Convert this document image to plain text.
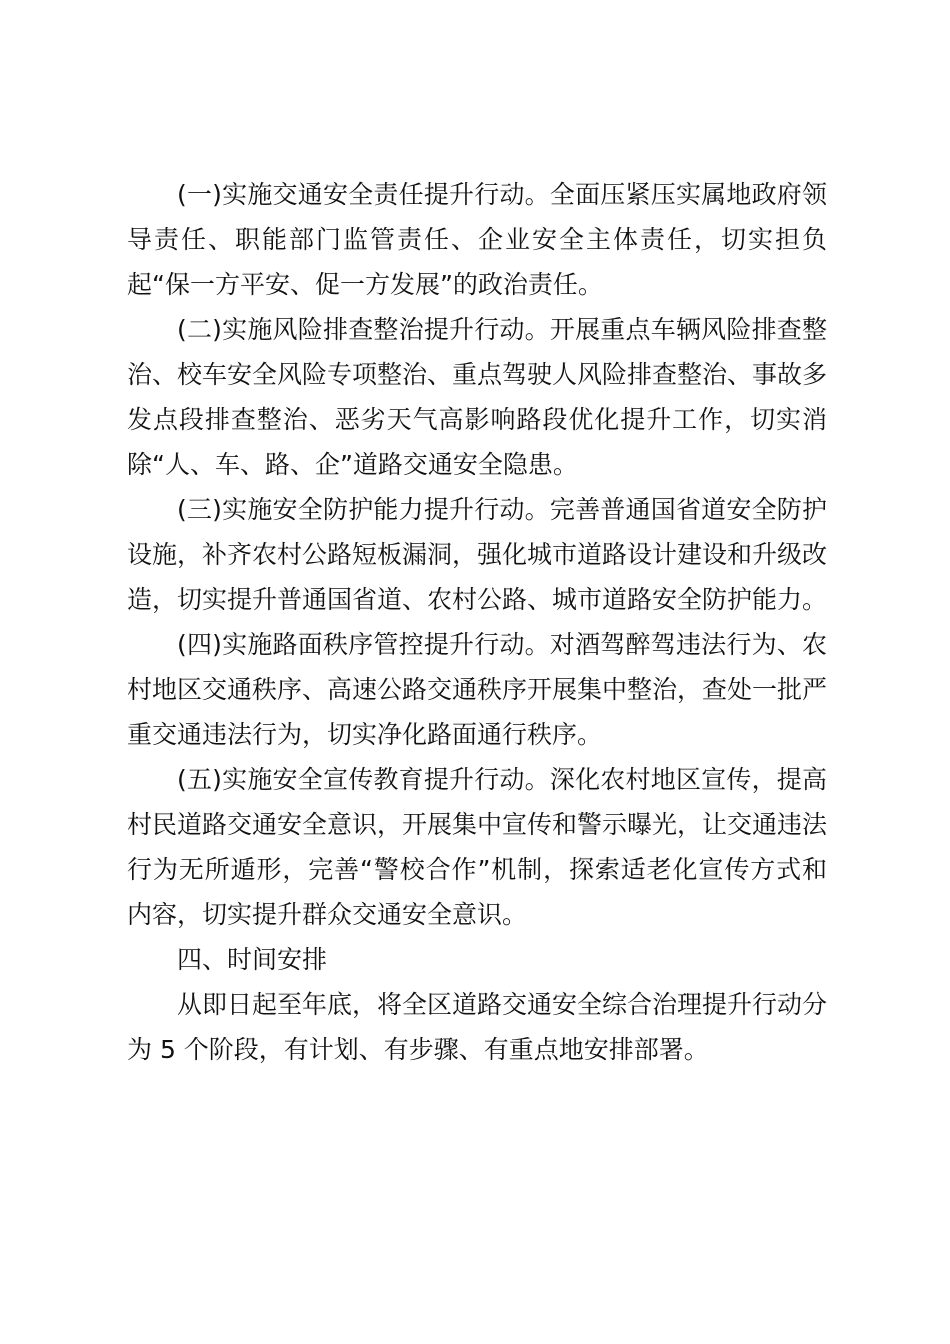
(一)实施交通安全责任提升行动。全面压紧压实属地政府领导责任、职能部门监管责任、企业安全主体责任，切实担负起“保一方平安、促一方发展”的政治责任。

(二)实施风险排查整治提升行动。开展重点车辆风险排查整治、校车安全风险专项整治、重点驾驶人风险排查整治、事故多发点段排查整治、恶劣天气高影响路段优化提升工作，切实消除“人、车、路、企”道路交通安全隐患。

(三)实施安全防护能力提升行动。完善普通国省道安全防护设施，补齐农村公路短板漏洞，强化城市道路设计建设和升级改造，切实提升普通国省道、农村公路、城市道路安全防护能力。

(四)实施路面秩序管控提升行动。对酒驾醉驾违法行为、农村地区交通秩序、高速公路交通秩序开展集中整治，查处一批严重交通违法行为，切实净化路面通行秩序。

(五)实施安全宣传教育提升行动。深化农村地区宣传，提高村民道路交通安全意识，开展集中宣传和警示曝光，让交通违法行为无所遁形，完善“警校合作”机制，探索适老化宣传方式和内容，切实提升群众交通安全意识。

四、时间安排

从即日起至年底，将全区道路交通安全综合治理提升行动分为 5 个阶段，有计划、有步骤、有重点地安排部署。
